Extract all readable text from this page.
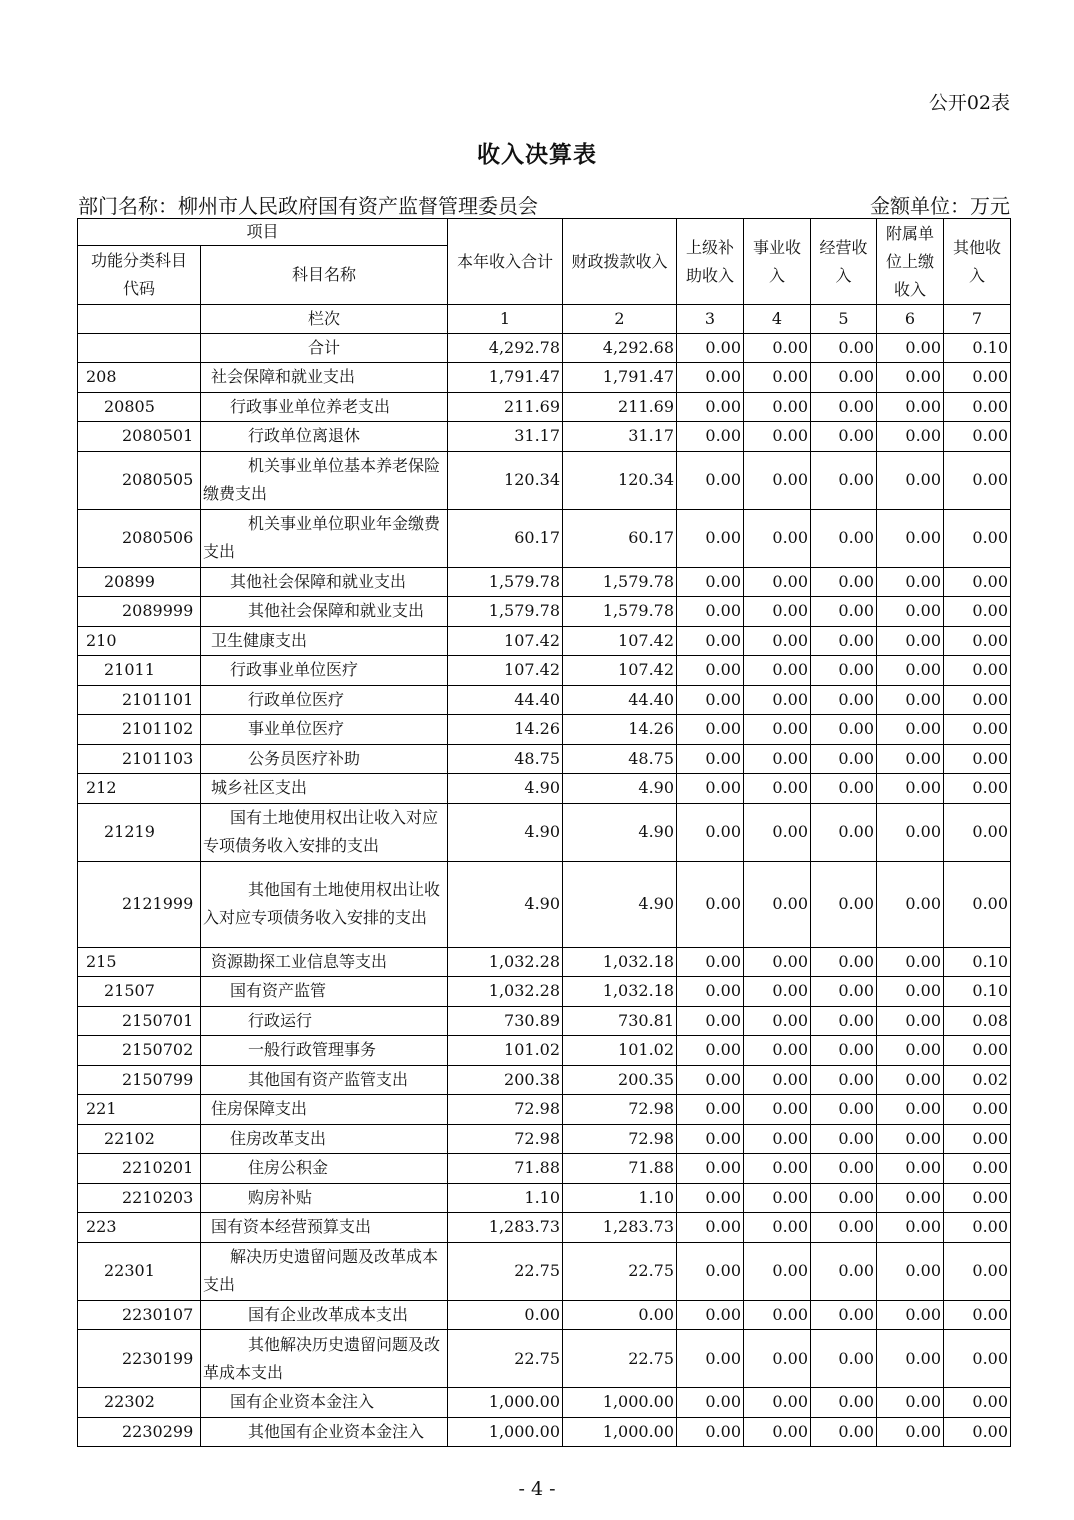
公开02表
收入决算表
部门名称：柳州市人民政府国有资产监督管理委员会	金额单位：万元
项目		本年收入合计	财政拨款收入	上级补助收入	事业收入	经营收入	附属单位上缴收入	其他收入
功能分类科目代码	科目名称							
	栏次	1	2	3	4	5	6	7
	合计	4,292.78	4,292.68	0.00	0.00	0.00	0.00	0.10
208	社会保障和就业支出	1,791.47	1,791.47	0.00	0.00	0.00	0.00	0.00
20805	行政事业单位养老支出	211.69	211.69	0.00	0.00	0.00	0.00	0.00
2080501	行政单位离退休	31.17	31.17	0.00	0.00	0.00	0.00	0.00
2080505	机关事业单位基本养老保险缴费支出	120.34	120.34	0.00	0.00	0.00	0.00	0.00
2080506	机关事业单位职业年金缴费支出	60.17	60.17	0.00	0.00	0.00	0.00	0.00
20899	其他社会保障和就业支出	1,579.78	1,579.78	0.00	0.00	0.00	0.00	0.00
2089999	其他社会保障和就业支出	1,579.78	1,579.78	0.00	0.00	0.00	0.00	0.00
210	卫生健康支出	107.42	107.42	0.00	0.00	0.00	0.00	0.00
21011	行政事业单位医疗	107.42	107.42	0.00	0.00	0.00	0.00	0.00
2101101	行政单位医疗	44.40	44.40	0.00	0.00	0.00	0.00	0.00
2101102	事业单位医疗	14.26	14.26	0.00	0.00	0.00	0.00	0.00
2101103	公务员医疗补助	48.75	48.75	0.00	0.00	0.00	0.00	0.00
212	城乡社区支出	4.90	4.90	0.00	0.00	0.00	0.00	0.00
21219	国有土地使用权出让收入对应专项债务收入安排的支出	4.90	4.90	0.00	0.00	0.00	0.00	0.00
2121999	其他国有土地使用权出让收入对应专项债务收入安排的支出	4.90	4.90	0.00	0.00	0.00	0.00	0.00
215	资源勘探工业信息等支出	1,032.28	1,032.18	0.00	0.00	0.00	0.00	0.10
21507	国有资产监管	1,032.28	1,032.18	0.00	0.00	0.00	0.00	0.10
2150701	行政运行	730.89	730.81	0.00	0.00	0.00	0.00	0.08
2150702	一般行政管理事务	101.02	101.02	0.00	0.00	0.00	0.00	0.00
2150799	其他国有资产监管支出	200.38	200.35	0.00	0.00	0.00	0.00	0.02
221	住房保障支出	72.98	72.98	0.00	0.00	0.00	0.00	0.00
22102	住房改革支出	72.98	72.98	0.00	0.00	0.00	0.00	0.00
2210201	住房公积金	71.88	71.88	0.00	0.00	0.00	0.00	0.00
2210203	购房补贴	1.10	1.10	0.00	0.00	0.00	0.00	0.00
223	国有资本经营预算支出	1,283.73	1,283.73	0.00	0.00	0.00	0.00	0.00
22301	解决历史遗留问题及改革成本支出	22.75	22.75	0.00	0.00	0.00	0.00	0.00
2230107	国有企业改革成本支出	0.00	0.00	0.00	0.00	0.00	0.00	0.00
2230199	其他解决历史遗留问题及改革成本支出	22.75	22.75	0.00	0.00	0.00	0.00	0.00
22302	国有企业资本金注入	1,000.00	1,000.00	0.00	0.00	0.00	0.00	0.00
2230299	其他国有企业资本金注入	1,000.00	1,000.00	0.00	0.00	0.00	0.00	0.00
- 4 -
